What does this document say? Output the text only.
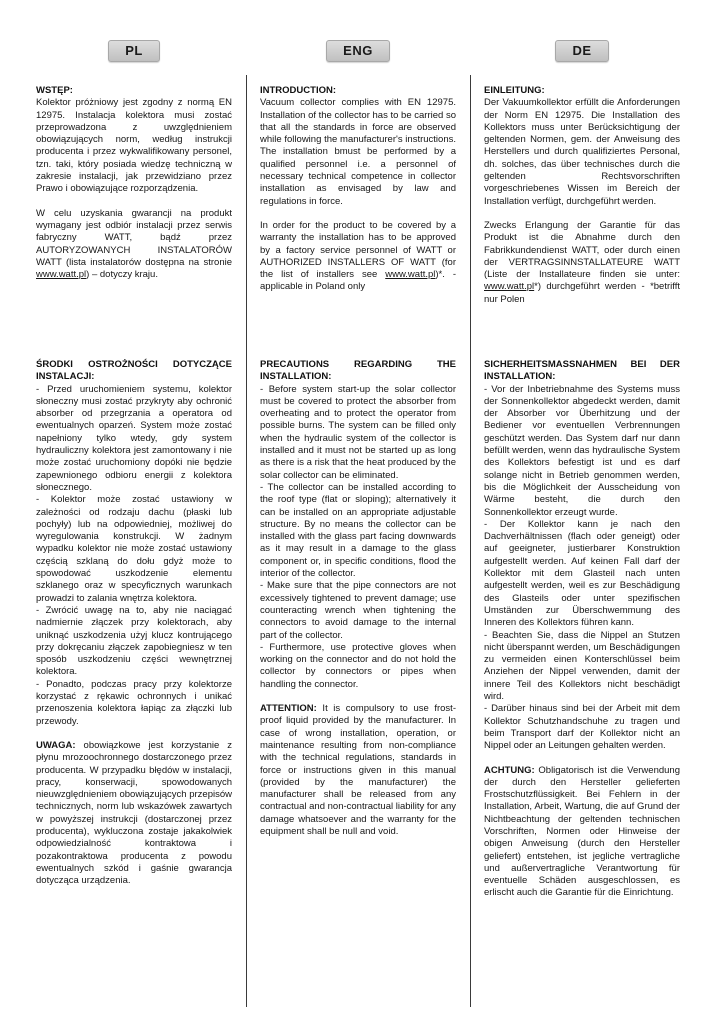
PL
WSTĘP:

Kolektor próżniowy jest zgodny z normą EN 12975. Instalacja kolektora musi zostać przeprowadzona z uwzględnieniem obowiązujących norm, według instrukcji producenta i przez wykwalifikowany personel, tzn. taki, który posiada wiedzę techniczną w zakresie instalacji, jak przewidziano przez Prawo i obowiązujące rozporządzenia.

W celu uzyskania gwarancji na produkt wymagany jest odbiór instalacji przez serwis fabryczny WATT, bądź przez AUTORYZOWANYCH INSTALATORÓW WATT (lista instalatorów dostępna na stronie www.watt.pl) – dotyczy kraju.

ŚRODKI OSTROŻNOŚCI DOTYCZĄCE INSTALACJI:

- Przed uruchomieniem systemu, kolektor słoneczny musi zostać przykryty aby ochronić absorber od przegrzania a operatora od ewentualnych oparzeń. System może zostać napełniony tylko wtedy, gdy system hydrauliczny kolektora jest zamontowany i nie może zostać uruchomiony dopóki nie będzie zapewnionego odbioru energii z kolektora słonecznego.

- Kolektor może zostać ustawiony w zależności od rodzaju dachu (płaski lub pochyły) lub na odpowiedniej, możliwej do wyregulowania konstrukcji. W żadnym wypadku kolektor nie może zostać ustawiony częścią szklaną do dołu gdyż może to spowodować uszkodzenie elementu szklanego oraz w specyficznych warunkach prowadzi to zalania wnętrza kolektora.

- Zwrócić uwagę na to, aby nie naciągać nadmiernie złączek przy kolektorach, aby uniknąć uszkodzenia użyj klucz kontrującego przy dokręcaniu złączek zapobiegniesz w ten sposób uszkodzeniu części wewnętrznej kolektora.

- Ponadto, podczas pracy przy kolektorze korzystać z rękawic ochronnych i unikać przenoszenia kolektora łapiąc za złączki lub przewody.

UWAGA: obowiązkowe jest korzystanie z płynu mrozoochronnego dostarczonego przez producenta. W przypadku błędów w instalacji, pracy, konserwacji, spowodowanych nieuwzględnieniem obowiązujących przepisów technicznych, norm lub wskazówek zawartych w powyższej instrukcji (dostarczonej przez producenta), wykluczona zostaje jakakolwiek odpowiedzialność kontraktowa i pozakontraktowa producenta z powodu ewentualnych szkód i gaśnie gwarancja dotycząca urządzenia.

ENG
INTRODUCTION:

Vacuum collector complies with EN 12975. Installation of the collector has to be carried so that all the standards in force are observed while following the manufacturer's instructions. The installation bmust be performed by a qualified personnel i.e. a personnel of necessary technical competence in collector installation as envisaged by law and regulations in force.

In order for the product to be covered by a warranty the installation has to be approved by a factory service personnel of WATT or AUTHORIZED INSTALLERS OF WATT (for the list of installers see www.watt.pl)*. - applicable in Poland only

PRECAUTIONS REGARDING THE INSTALLATION:

- Before system start-up the solar collector must be covered to protect the absorber from overheating and to protect the operator from possible burns. The system can be filled only when the hydraulic system of the collector is installed and it must not be started up as long as there is a risk that the heat produced by the solar collector can be eliminated.

- The collector can be installed according to the roof type (flat or sloping); alternatively it can be installed on an appropriate adjustable structure. By no means the collector can be installed with the glass part facing downwards as it may result in a damage to the glass component or, in specific conditions, flood the interior of the collector.

- Make sure that the pipe connectors are not excessively tightened to prevent damage; use counteracting wrench when tightening the connectors to avoid damage to the internal part of the collector.

- Furthermore, use protective gloves when working on the connector and do not hold the collector by connectors or pipes when handling the connector.

ATTENTION: It is compulsory to use frost-proof liquid provided by the manufacturer. In case of wrong installation, operation, or maintenance resulting from non-compliance with the technical regulations, standards in force or instructions given in this manual (provided by the manufacturer) the manufacturer shall be released from any contractual and non-contractual liability for any damage whatsoever and the warranty for the equipment shall be null and void.

DE
EINLEITUNG:

Der Vakuumkollektor erfüllt die Anforderungen der Norm EN 12975. Die Installation des Kollektors muss unter Berücksichtigung der geltenden Normen, gem. der Anweisung des Herstellers und durch qualifiziertes Personal, dh. solches, das über technisches durch die geltenden Rechtsvorschriften vorgeschriebenes Wissen im Bereich der Installation verfügt, durchgeführt werden.

Zwecks Erlangung der Garantie für das Produkt ist die Abnahme durch den Fabrikkundendienst WATT, oder durch einen der VERTRAGSINNSTALLATEURE WATT (Liste der Installateure finden sie unter: www.watt.pl*) durchgeführt werden - *betrifft nur Polen

SICHERHEITSMASSNAHMEN BEI DER INSTALLATION:

- Vor der Inbetriebnahme des Systems muss der Sonnenkollektor abgedeckt werden, damit der Absorber vor Überhitzung und der Bediener vor eventuellen Verbrennungen geschützt werden. Das System darf nur dann befüllt werden, wenn das hydraulische System des Kollektors befestigt ist und es darf solange nicht in Betrieb genommen werden, bis die Möglichkeit der Ausscheidung von Wärme besteht, die durch den Sonnenkollektor erzeugt wurde.

- Der Kollektor kann je nach den Dachverhältnissen (flach oder geneigt) oder auf geeigneter, justierbarer Konstruktion aufgestellt werden. Auf keinen Fall darf der Kollektor mit dem Glasteil nach unten aufgestellt werden, weil es zur Beschädigung des Glasteils oder unter spezifischen Umständen zur Überschwemmung des Inneren des Kollektors führen kann.

- Beachten Sie, dass die Nippel an Stutzen nicht überspannt werden, um Beschädigungen zu vermeiden einen Konterschlüssel beim Anziehen der Nippel verwenden, damit der innere Teil des Kollektors nicht beschädigt wird.

- Darüber hinaus sind bei der Arbeit mit dem Kollektor Schutzhandschuhe zu tragen und beim Transport darf der Kollektor nicht an Nippel oder an Leitungen gehalten werden.

ACHTUNG: Obligatorisch ist die Verwendung der durch den Hersteller gelieferten Frostschutzflüssigkeit. Bei Fehlern in der Installation, Arbeit, Wartung, die auf Grund der Nichtbeachtung der geltenden technischen Vorschriften, Normen oder Hinweise der obigen Anweisung (durch den Hersteller geliefert) entstehen, ist jegliche vertragliche und außervertragliche Verantwortung für eventuelle Schäden ausgeschlossen, es erlischt auch die Garantie für die Einrichtung.
